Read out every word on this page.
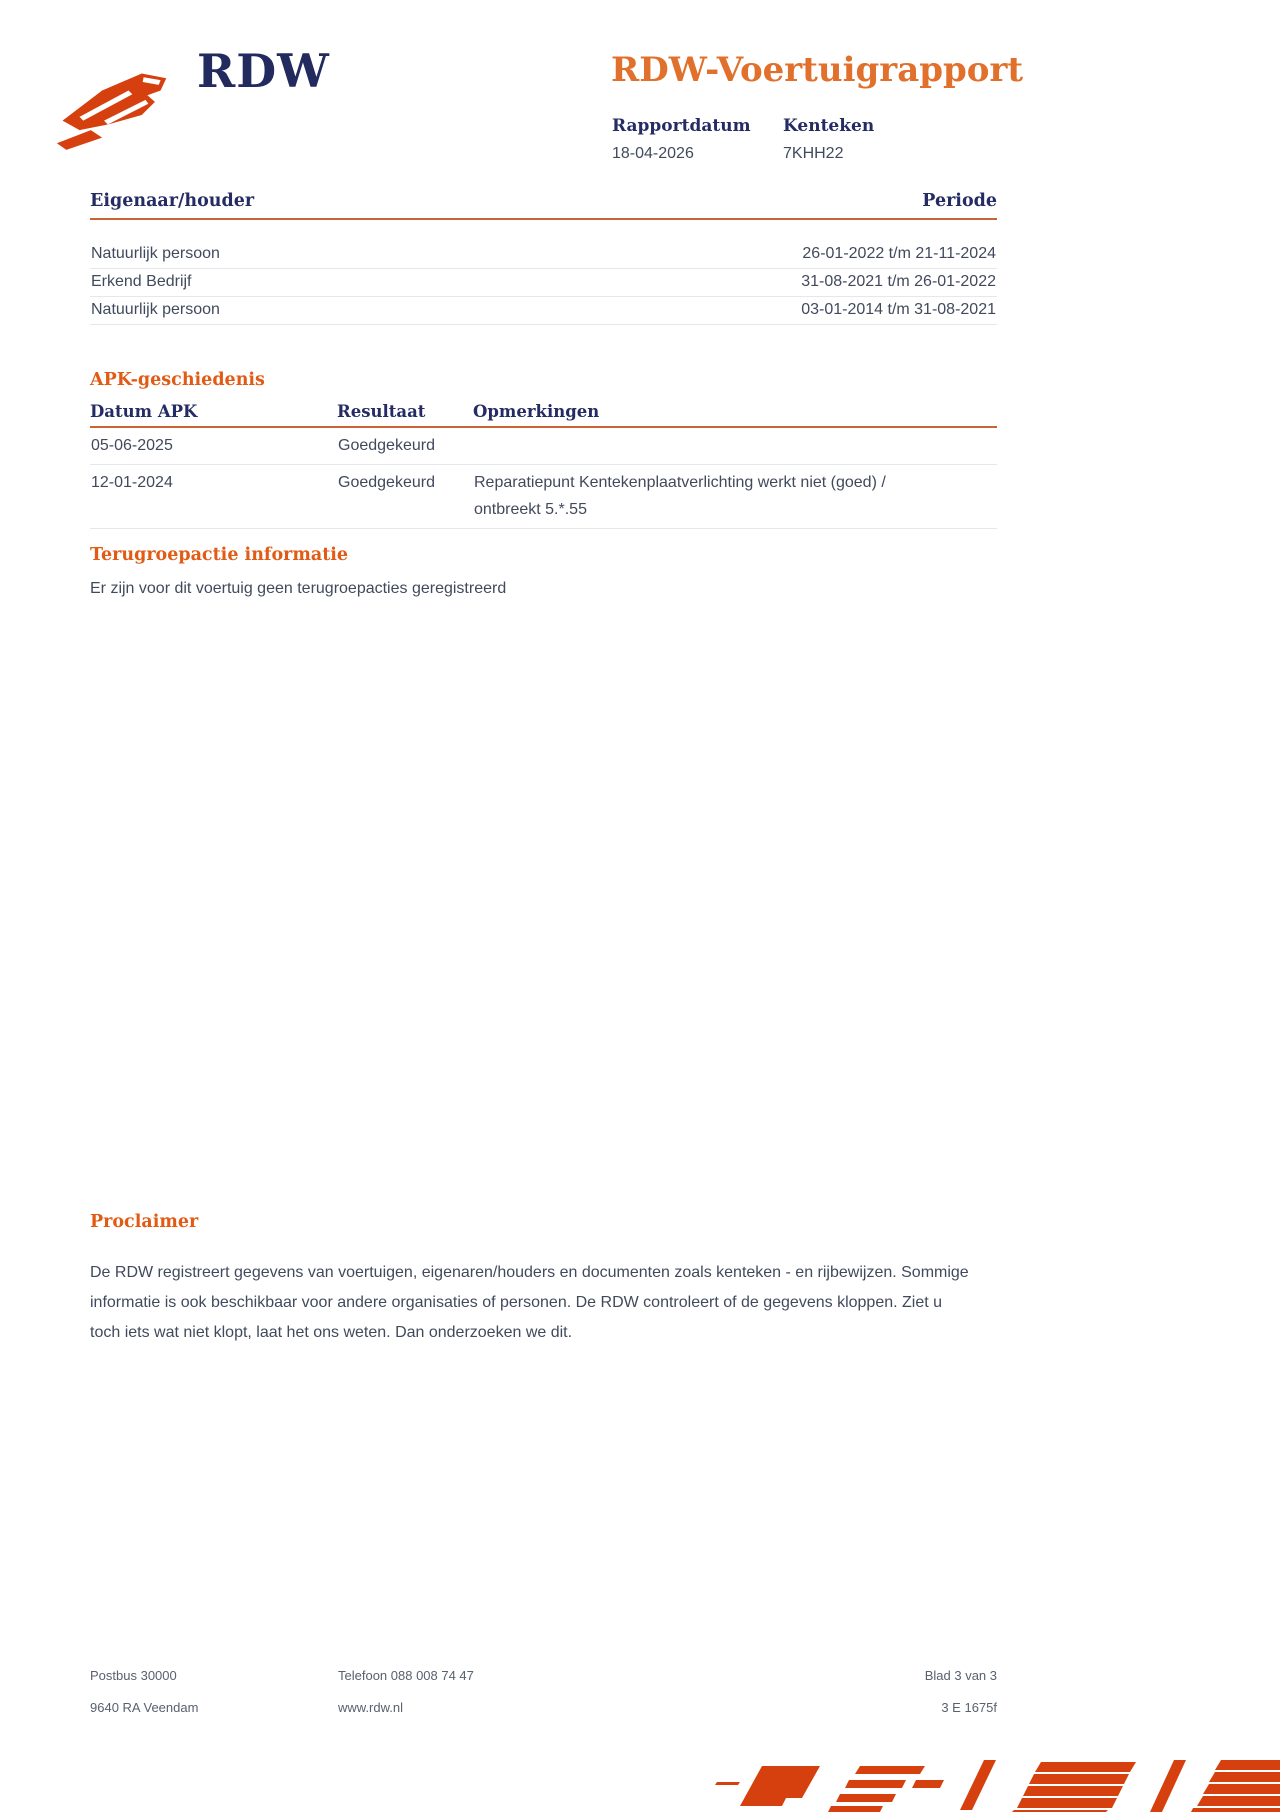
RDW	RDW-Voertuigrapport
Rapportdatum
18-04-2026
Kenteken
7KHH22
Eigenaar/houder	Periode
Natuurlijk persoon	26-01-2022 t/m 21-11-2024
Erkend Bedrijf	31-08-2021 t/m 26-01-2022
Natuurlijk persoon	03-01-2014 t/m 31-08-2021
APK-geschiedenis
Datum APK	Resultaat	Opmerkingen
05-06-2025	Goedgekeurd
12-01-2024	Goedgekeurd	Reparatiepunt Kentekenplaatverlichting werkt niet (goed) / ontbreekt 5.*.55
Terugroepactie informatie
Er zijn voor dit voertuig geen terugroepacties geregistreerd
Proclaimer
De RDW registreert gegevens van voertuigen, eigenaren/houders en documenten zoals kenteken - en rijbewijzen. Sommige informatie is ook beschikbaar voor andere organisaties of personen. De RDW controleert of de gegevens kloppen. Ziet u toch iets wat niet klopt, laat het ons weten. Dan onderzoeken we dit.
Postbus 30000
9640 RA Veendam
Telefoon 088 008 74 47
www.rdw.nl
Blad 3 van 3
3 E 1675f
